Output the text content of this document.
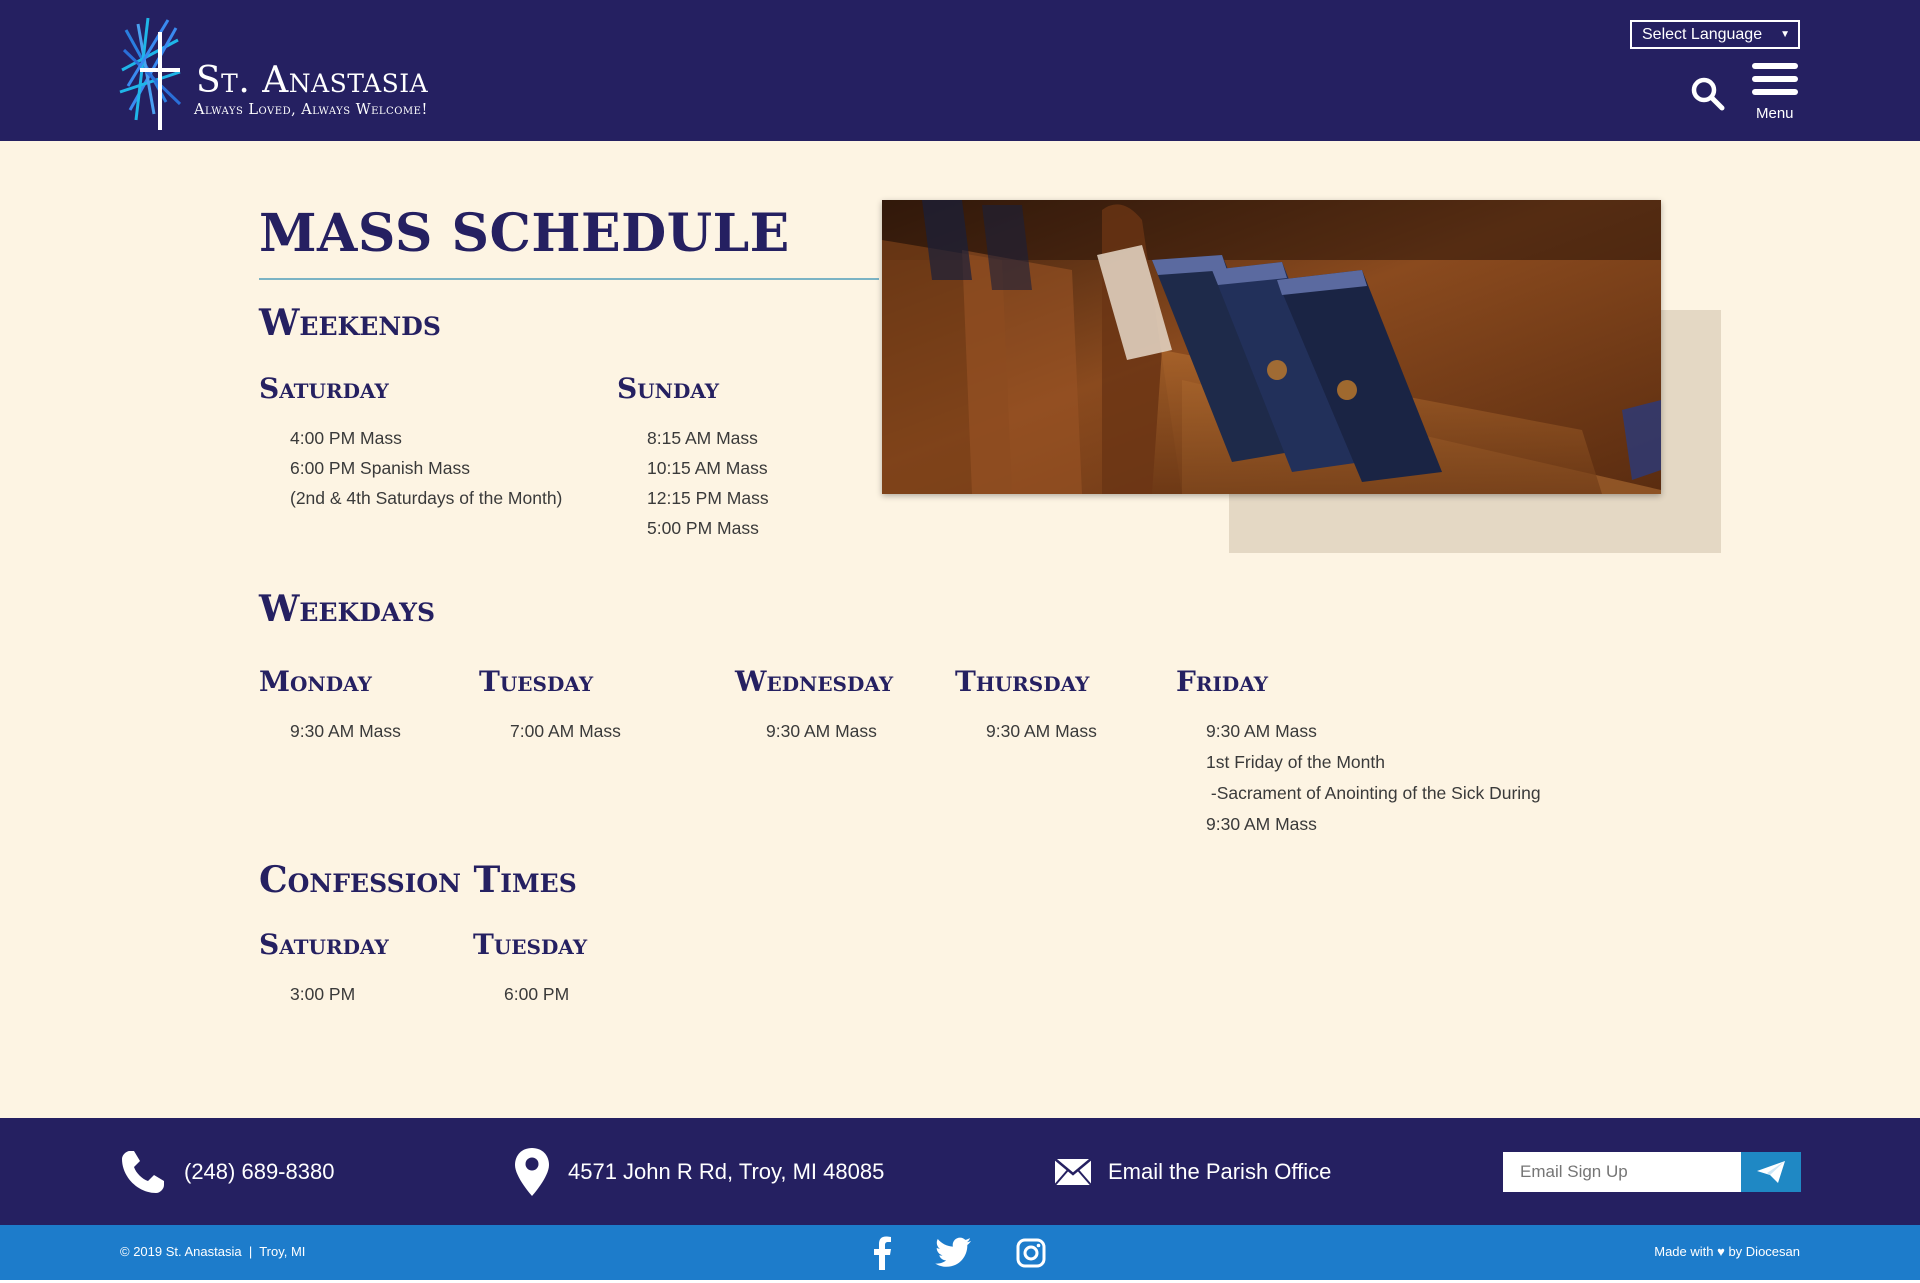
St. Anastasia
Always Loved, Always Welcome!
Select Language ▼
Menu
MASS SCHEDULE
Weekends
Saturday
4:00 PM Mass
6:00 PM Spanish Mass
(2nd & 4th Saturdays of the Month)
Sunday
8:15 AM Mass
10:15 AM Mass
12:15 PM Mass
5:00 PM Mass
Weekdays
Monday
9:30 AM Mass
Tuesday
7:00 AM Mass
Wednesday
9:30 AM Mass
Thursday
9:30 AM Mass
Friday
9:30 AM Mass
1st Friday of the Month
-Sacrament of Anointing of the Sick During
9:30 AM Mass
Confession Times
Saturday
3:00 PM
Tuesday
6:00 PM
(248) 689-8380	4571 John R Rd, Troy, MI 48085	Email the Parish Office
Email Sign Up
© 2019 St. Anastasia  |  Troy, MI	Made with ♥ by Diocesan
